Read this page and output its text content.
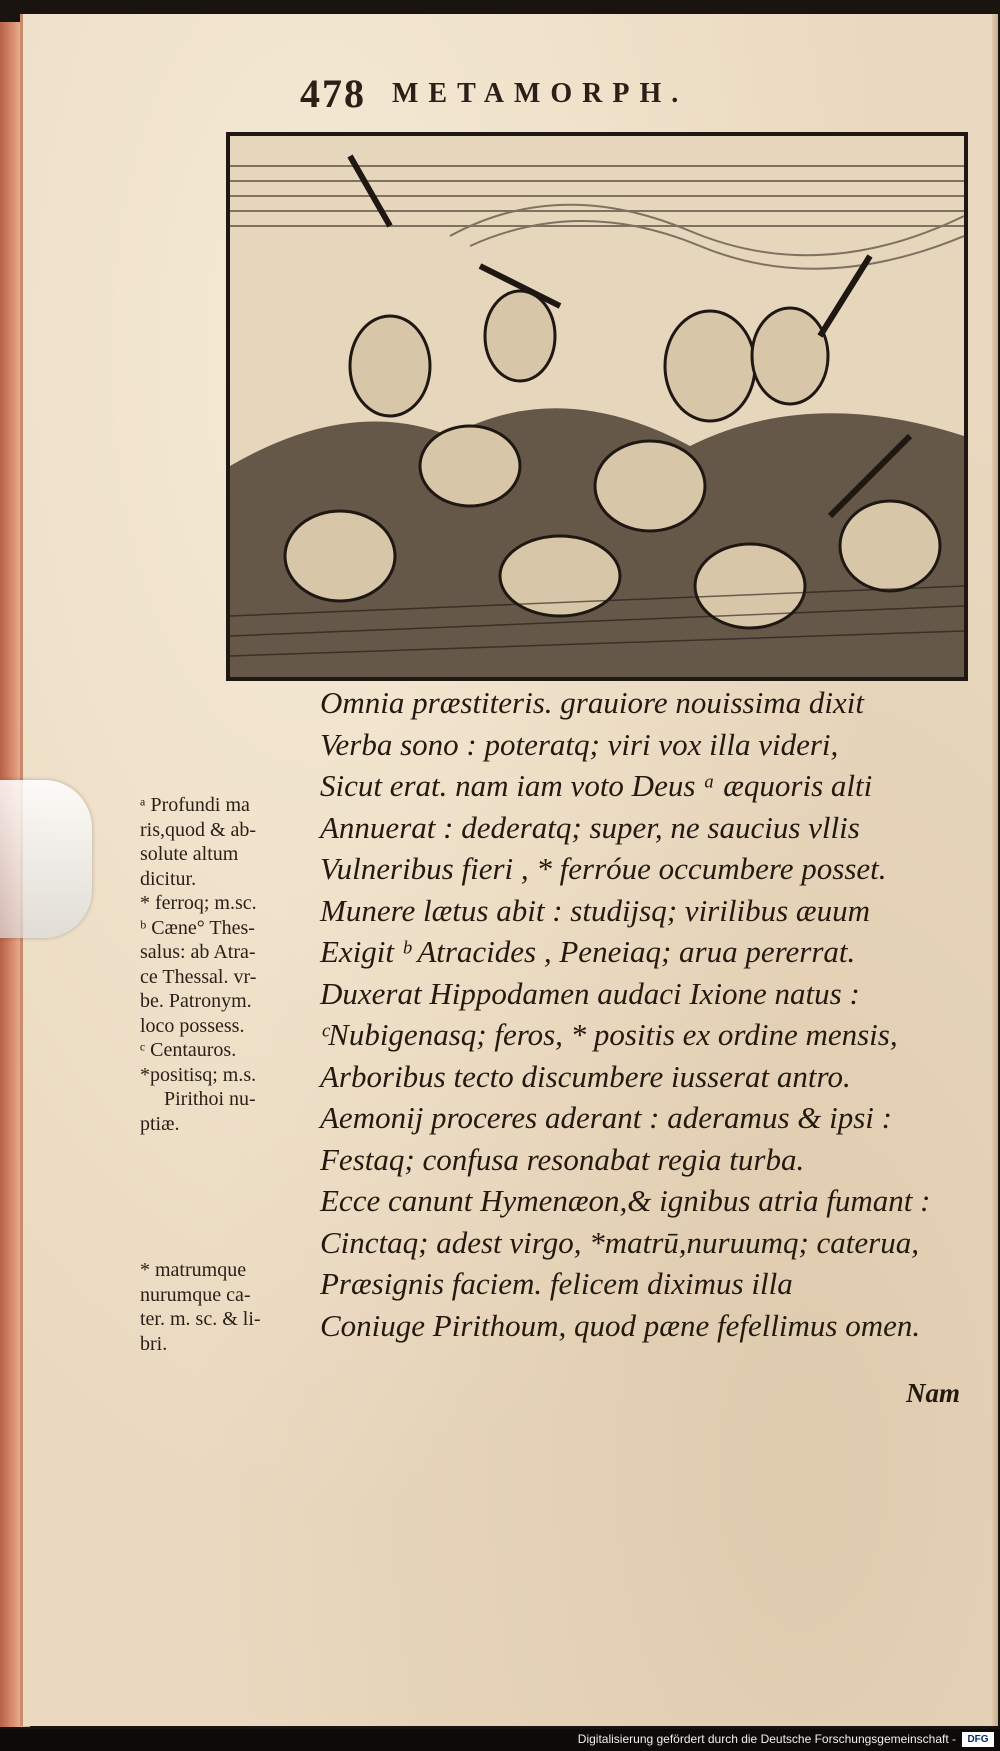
478 METAMORPH.
Omnia præstiteris. grauiore nouissima dixit
Verba sono : poteratq; viri vox illa videri,
Sicut erat. nam iam voto Deus ᵃ æquoris alti
Annuerat : dederatq; super, ne saucius vllis
Vulneribus fieri , * ferróue occumbere posset.
Munere lætus abit : studijsq; virilibus æuum
Exigit ᵇ Atracides , Peneiaq; arua pererrat.
Duxerat Hippodamen audaci Ixione natus :
ᶜNubigenasq; feros, * positis ex ordine mensis,
Arboribus tecto discumbere iusserat antro.
Aemonij proceres aderant : aderamus & ipsi :
Festaq; confusa resonabat regia turba.
Ecce canunt Hymenæon,& ignibus atria fumant :
Cinctaq; adest virgo, *matrū,nuruumq; caterua,
Præsignis faciem. felicem diximus illa
Coniuge Pirithoum, quod pæne fefellimus omen.
Nam
ᵃ Profundi ma
ris,quod & ab-
solute altum
dicitur.
* ferroq; m.sc.
ᵇ Cæne° Thes-
salus: ab Atra-
ce Thessal. vr-
be. Patronym.
loco possess.
ᶜ Centauros.
*positisq; m.s.
Pirithoi nu-
ptiæ.
* matrumque
nurumque ca-
ter. m. sc. & li-
bri.
Digitalisierung gefördert durch die Deutsche Forschungsgemeinschaft -	DFG
